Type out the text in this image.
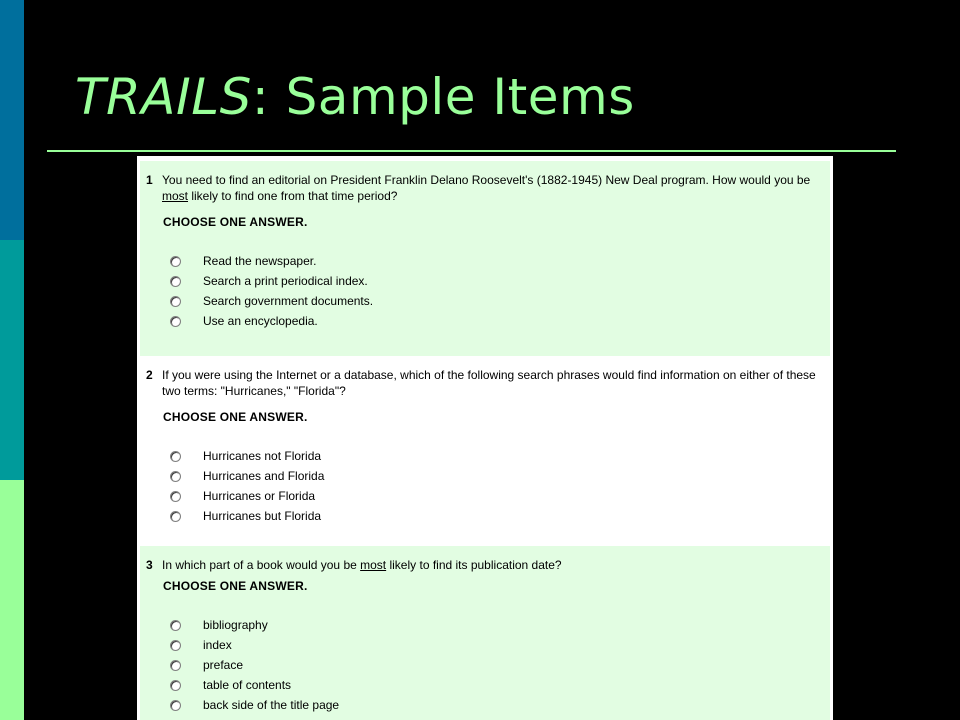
TRAILS: Sample Items
1 You need to find an editorial on President Franklin Delano Roosevelt's (1882-1945) New Deal program. How would you be most likely to find one from that time period?
CHOOSE ONE ANSWER.
Read the newspaper.
Search a print periodical index.
Search government documents.
Use an encyclopedia.
2 If you were using the Internet or a database, which of the following search phrases would find information on either of these two terms: "Hurricanes," "Florida"?
CHOOSE ONE ANSWER.
Hurricanes not Florida
Hurricanes and Florida
Hurricanes or Florida
Hurricanes but Florida
3 In which part of a book would you be most likely to find its publication date?
CHOOSE ONE ANSWER.
bibliography
index
preface
table of contents
back side of the title page
